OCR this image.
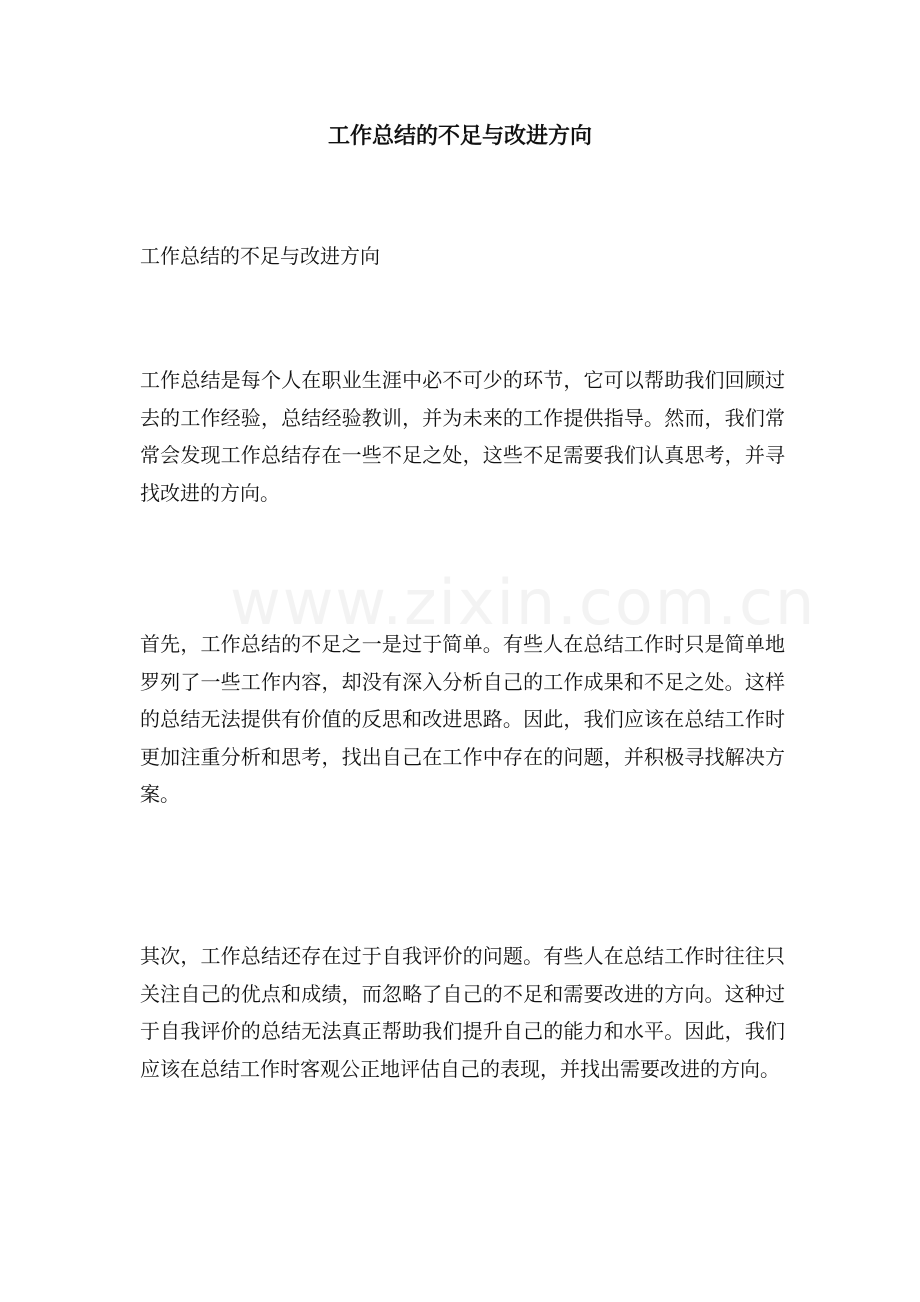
www.zixin.com.cn
工作总结的不足与改进方向

工作总结的不足与改进方向

工作总结是每个人在职业生涯中必不可少的环节，它可以帮助我们回顾过去的工作经验，总结经验教训，并为未来的工作提供指导。然而，我们常常会发现工作总结存在一些不足之处，这些不足需要我们认真思考，并寻找改进的方向。

首先，工作总结的不足之一是过于简单。有些人在总结工作时只是简单地罗列了一些工作内容，却没有深入分析自己的工作成果和不足之处。这样的总结无法提供有价值的反思和改进思路。因此，我们应该在总结工作时更加注重分析和思考，找出自己在工作中存在的问题，并积极寻找解决方案。

其次，工作总结还存在过于自我评价的问题。有些人在总结工作时往往只关注自己的优点和成绩，而忽略了自己的不足和需要改进的方向。这种过于自我评价的总结无法真正帮助我们提升自己的能力和水平。因此，我们应该在总结工作时客观公正地评估自己的表现，并找出需要改进的方向。
